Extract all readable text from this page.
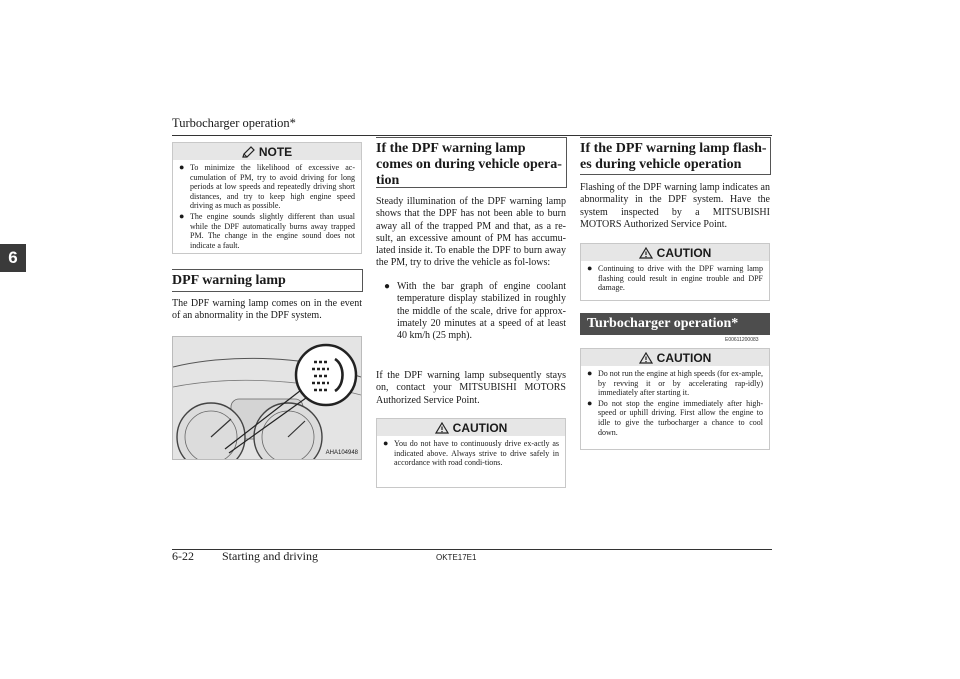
Turbocharger operation*
6
NOTE
● To minimize the likelihood of excessive ac-cumulation of PM, try to avoid driving for long periods at low speeds and repeatedly driving short distances, and try to keep high engine speed driving as much as possible.
● The engine sounds slightly different than usual while the DPF automatically burns away trapped PM. The change in the engine sound does not indicate a fault.
DPF warning lamp

The DPF warning lamp comes on in the event of an abnormality in the DPF system.

AHA104948
If the DPF warning lamp
comes on during vehicle opera-
tion

Steady illumination of the DPF warning lamp shows that the DPF has not been able to burn away all of the trapped PM and that, as a re-sult, an excessive amount of PM has accumu-lated inside it. To enable the DPF to burn away the PM, try to drive the vehicle as fol-lows:

● With the bar graph of engine coolant temperature display stabilized in roughly the middle of the scale, drive for approx-imately 20 minutes at a speed of at least 40 km/h (25 mph).

If the DPF warning lamp subsequently stays on, contact your MITSUBISHI MOTORS Authorized Service Point.

CAUTION
● You do not have to continuously drive ex-actly as indicated above. Always strive to drive safely in accordance with road condi-tions.
If the DPF warning lamp flash-
es during vehicle operation

Flashing of the DPF warning lamp indicates an abnormality in the DPF system. Have the system inspected by a MITSUBISHI MOTORS Authorized Service Point.

CAUTION
● Continuing to drive with the DPF warning lamp flashing could result in engine trouble and DPF damage.
Turbocharger operation*
E00611200083
CAUTION
● Do not run the engine at high speeds (for ex-ample, by revving it or by accelerating rap-idly) immediately after starting it.
● Do not stop the engine immediately after high-speed or uphill driving. First allow the engine to idle to give the turbocharger a chance to cool down.
6-22 Starting and driving	OKTE17E1
